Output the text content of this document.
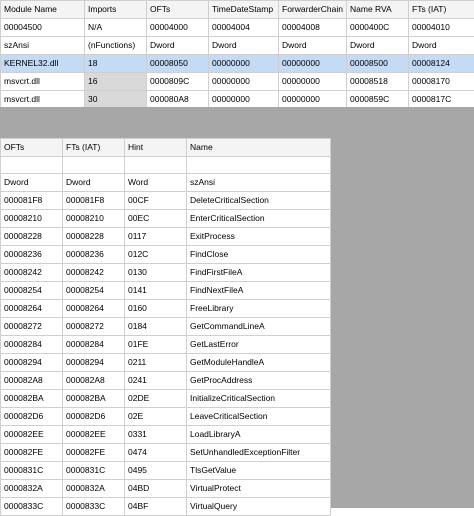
Module Name	Imports	OFTs	TimeDateStamp	ForwarderChain	Name RVA	FTs (IAT)
00004500	N/A	00004000	00004004	00004008	0000400C	00004010
szAnsi	(nFunctions)	Dword	Dword	Dword	Dword	Dword
KERNEL32.dll	18	00008050	00000000	00000000	00008500	00008124
msvcrt.dll	16	0000809C	00000000	00000000	00008518	00008170
msvcrt.dll	30	000080A8	00000000	00000000	0000859C	0000817C
OFTs	FTs (IAT)	Hint	Name

Dword	Dword	Word	szAnsi
000081F8	000081F8	00CF	DeleteCriticalSection
00008210	00008210	00EC	EnterCriticalSection
00008228	00008228	0117	ExitProcess
00008236	00008236	012C	FindClose
00008242	00008242	0130	FindFirstFileA
00008254	00008254	0141	FindNextFileA
00008264	00008264	0160	FreeLibrary
00008272	00008272	0184	GetCommandLineA
00008284	00008284	01FE	GetLastError
00008294	00008294	0211	GetModuleHandleA
000082A8	000082A8	0241	GetProcAddress
000082BA	000082BA	02DE	InitializeCriticalSection
000082D6	000082D6	02E	LeaveCriticalSection
000082EE	000082EE	0331	LoadLibraryA
000082FE	000082FE	0474	SetUnhandledExceptionFilter
0000831C	0000831C	0495	TlsGetValue
0000832A	0000832A	04BD	VirtualProtect
0000833C	0000833C	04BF	VirtualQuery
